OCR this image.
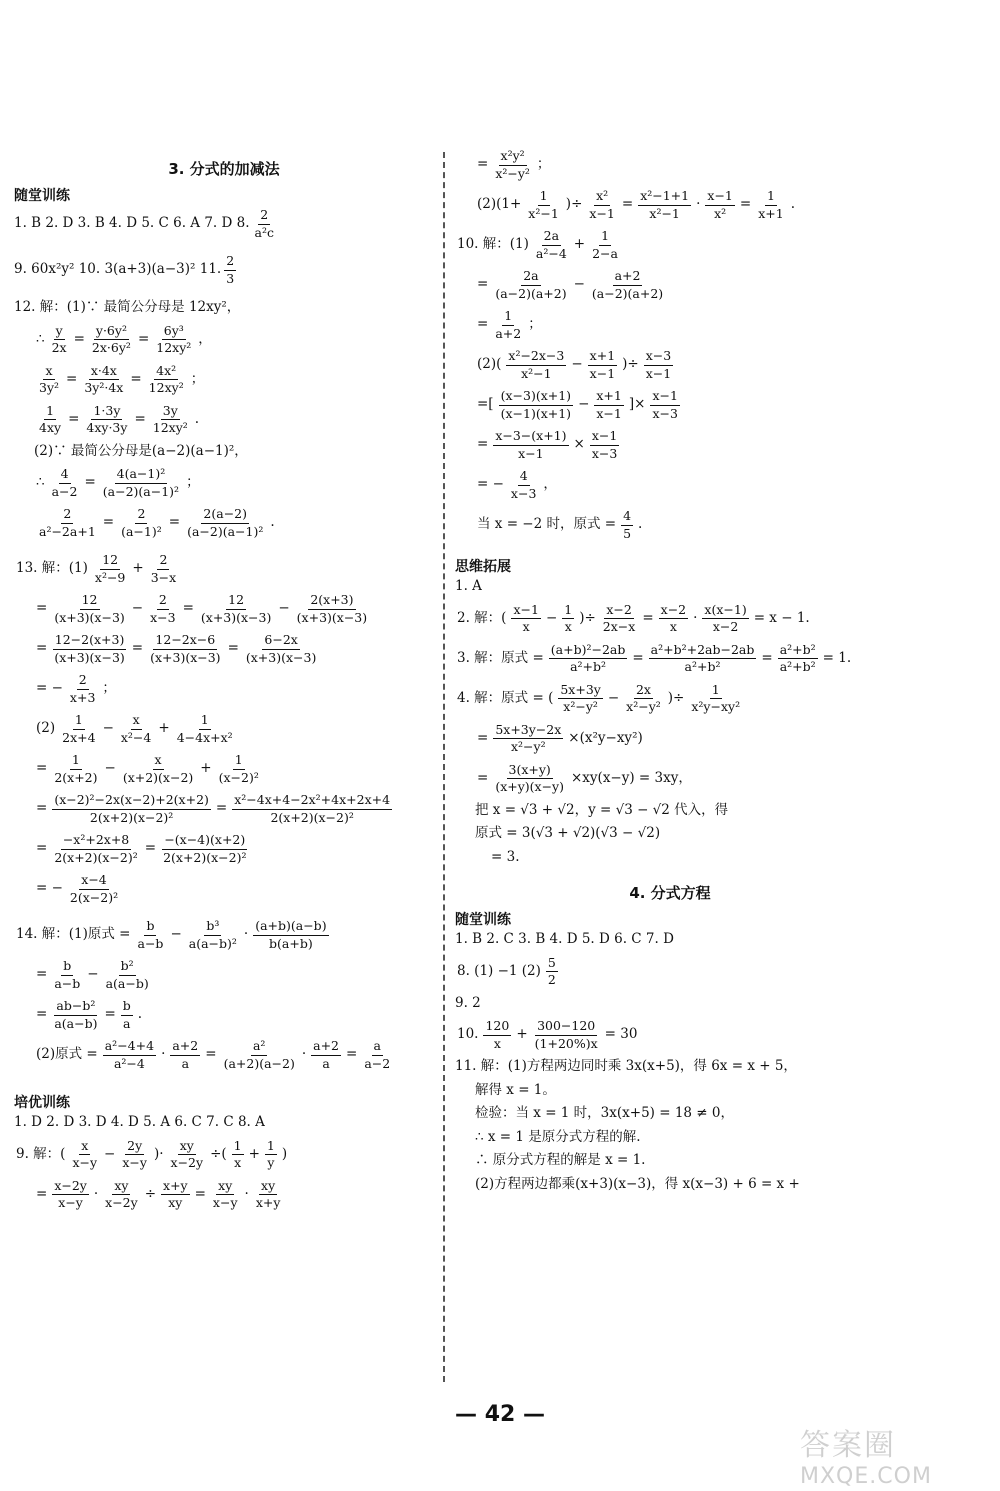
3. 分式的加减法
随堂训练
1. B 2. D 3. B 4. D 5. C 6. A 7. D 8. $\frac{2}{\text{a²c}}$
9. 60x²y² 10. 3(a+3)(a−3)² 11. $\frac{2}{3}$
12. 解：(1)∵ 最简公分母是 12xy²，
∴ $\frac{y}{2x} = \frac{\text{y·6y²}}{\text{2x·6y²}} = \frac{\text{6y³}}{\text{12xy²}}$ ，
$\frac{x}{\text{3y²}} = \frac{x\cdot 4x}{\text{3y²·4x}} = \frac{\text{4x²}}{\text{12xy²}}$ ；
$\frac{1}{4xy} = \frac{1\cdot 3y}{4xy\cdot 3y} = \frac{3y}{\text{12xy²}}$ .
(2)∵ 最简公分母是(a−2)(a−1)²，
∴ $\frac{4}{a-2} = \frac{\text{4(a−1)²}}{\text{(a−2)(a−1)²}}$ ；
$\frac{2}{\text{a²−2a+1}} = \frac{2}{\text{(a−1)²}} = \frac{2(a-2)}{\text{(a−2)(a−1)²}}$ .
13. 解：$(1) \frac{12}{\text{x²−9}} + \frac{2}{3-x}$
= $\frac{12}{(x+3)(x-3)} - \frac{2}{x-3} = \frac{12}{(x+3)(x-3)} - \frac{2(x+3)}{(x+3)(x-3)}$
= $\frac{12-2(x+3)}{(x+3)(x-3)} = \frac{12-2x-6}{(x+3)(x-3)} = \frac{6-2x}{(x+3)(x-3)}$
= − $\frac{2}{x+3}$ ；
$(2) \frac{1}{2x+4} - \frac{x}{\text{x²−4}} + \frac{1}{\text{4−4x+x²}}$
= $\frac{1}{2(x+2)} - \frac{x}{(x+2)(x-2)} + \frac{1}{\text{(x−2)²}}$
= $\frac{\text{(x−2)²−2x(x−2)+2(x+2)}}{\text{2(x+2)(x−2)²}} = \frac{\text{x²−4x+4−2x²+4x+2x+4}}{\text{2(x+2)(x−2)²}}$
= $\frac{\text{−x²+2x+8}}{\text{2(x+2)(x−2)²}} = \frac{-(x-4)(x+2)}{\text{2(x+2)(x−2)²}}$
= − $\frac{x-4}{\text{2(x−2)²}}$
14. 解：(1)原式 = $\frac{b}{a-b} - \frac{\text{b³}}{\text{a(a−b)²}} \cdot \frac{(a+b)(a-b)}{b(a+b)}$
= $\frac{b}{a-b} - \frac{\text{b²}}{a(a-b)}$
= $\frac{\text{ab−b²}}{a(a-b)} = \frac{b}{a}$ .
(2)原式 = $\frac{\text{a²−4+4}}{\text{a²−4}} \cdot \frac{a+2}{a} = \frac{\text{a²}}{(a+2)(a-2)} \cdot \frac{a+2}{a} = \frac{a}{a-2}$
培优训练
1. D 2. D 3. D 4. D 5. A 6. C 7. C 8. A
9. 解：( $\frac{x}{x-y} - \frac{2y}{x-y}$ )· $\frac{xy}{x-2y}$ ÷( $\frac{1}{x} + \frac{1}{y}$ )
= $\frac{x-2y}{x-y} \cdot \frac{xy}{x-2y} \div \frac{x+y}{xy} = \frac{xy}{x-y} \cdot \frac{xy}{x+y}$
= $\frac{\text{x²y²}}{\text{x²−y²}}$ ；
$(2)(1+ \frac{1}{\text{x²−1}}$ )÷ $\frac{\text{x²}}{x-1} = \frac{\text{x²−1+1}}{\text{x²−1}} \cdot \frac{x-1}{\text{x²}} = \frac{1}{x+1}$ .
10. 解：$(1) \frac{2a}{\text{a²−4}} + \frac{1}{2-a}$
= $\frac{2a}{(a-2)(a+2)} - \frac{a+2}{(a-2)(a+2)}$
= $\frac{1}{a+2}$ ；
$(2)( \frac{\text{x²−2x−3}}{\text{x²−1}} - \frac{x+1}{x-1}$ )÷ $\frac{x-3}{x-1}$
=[ $\frac{(x-3)(x+1)}{(x-1)(x+1)} - \frac{x+1}{x-1}$ ]× $\frac{x-1}{x-3}$
= $\frac{x-3-(x+1)}{x-1} \times \frac{x-1}{x-3}$
= − $\frac{4}{x-3}$ ，
当 x = −2 时，原式 = $\frac{4}{5}$ .
思维拓展
1. A
2. 解：( $\frac{x-1}{x} - \frac{1}{x}$ )÷ $\frac{x-2}{2x-x} = \frac{x-2}{x} \cdot \frac{x(x-1)}{x-2} = x - 1$.
3. 解：原式 = $\frac{\text{(a+b)²−2ab}}{\text{a²+b²}} = \frac{\text{a²+b²+2ab−2ab}}{\text{a²+b²}} = \frac{\text{a²+b²}}{\text{a²+b²}} = 1$.
4. 解：原式 = ( $\frac{5x+3y}{\text{x²−y²}} - \frac{2x}{\text{x²−y²}}$ )÷ $\frac{1}{\text{x²y−xy²}}$
= $\frac{5x+3y-2x}{\text{x²−y²}} \times(x^2y-xy^2)$
= $\frac{3(x+y)}{(x+y)(x-y)} \times xy(x-y) = 3xy$，
把 x = √3 + √2，y = √3 − √2 代入，得
原式 = 3(√3 + √2)(√3 − √2)
= 3.
4. 分式方程
随堂训练
1. B 2. C 3. B 4. D 5. D 6. C 7. D
8. (1) −1 $(2) \frac{5}{2}$
9. 2
10. $\frac{120}{x} + \frac{300-120}{(1+20\%)x} = 30$
11. 解：(1)方程两边同时乘 3x(x+5)，得 6x = x + 5，
解得 x = 1。
检验：当 x = 1 时，3x(x+5) = 18 ≠ 0，
∴ x = 1 是原分式方程的解.
∴ 原分式方程的解是 x = 1.
(2)方程两边都乘(x+3)(x−3)，得 x(x−3) + 6 = x +
— 42 —
答案圈
MXQE.COM
